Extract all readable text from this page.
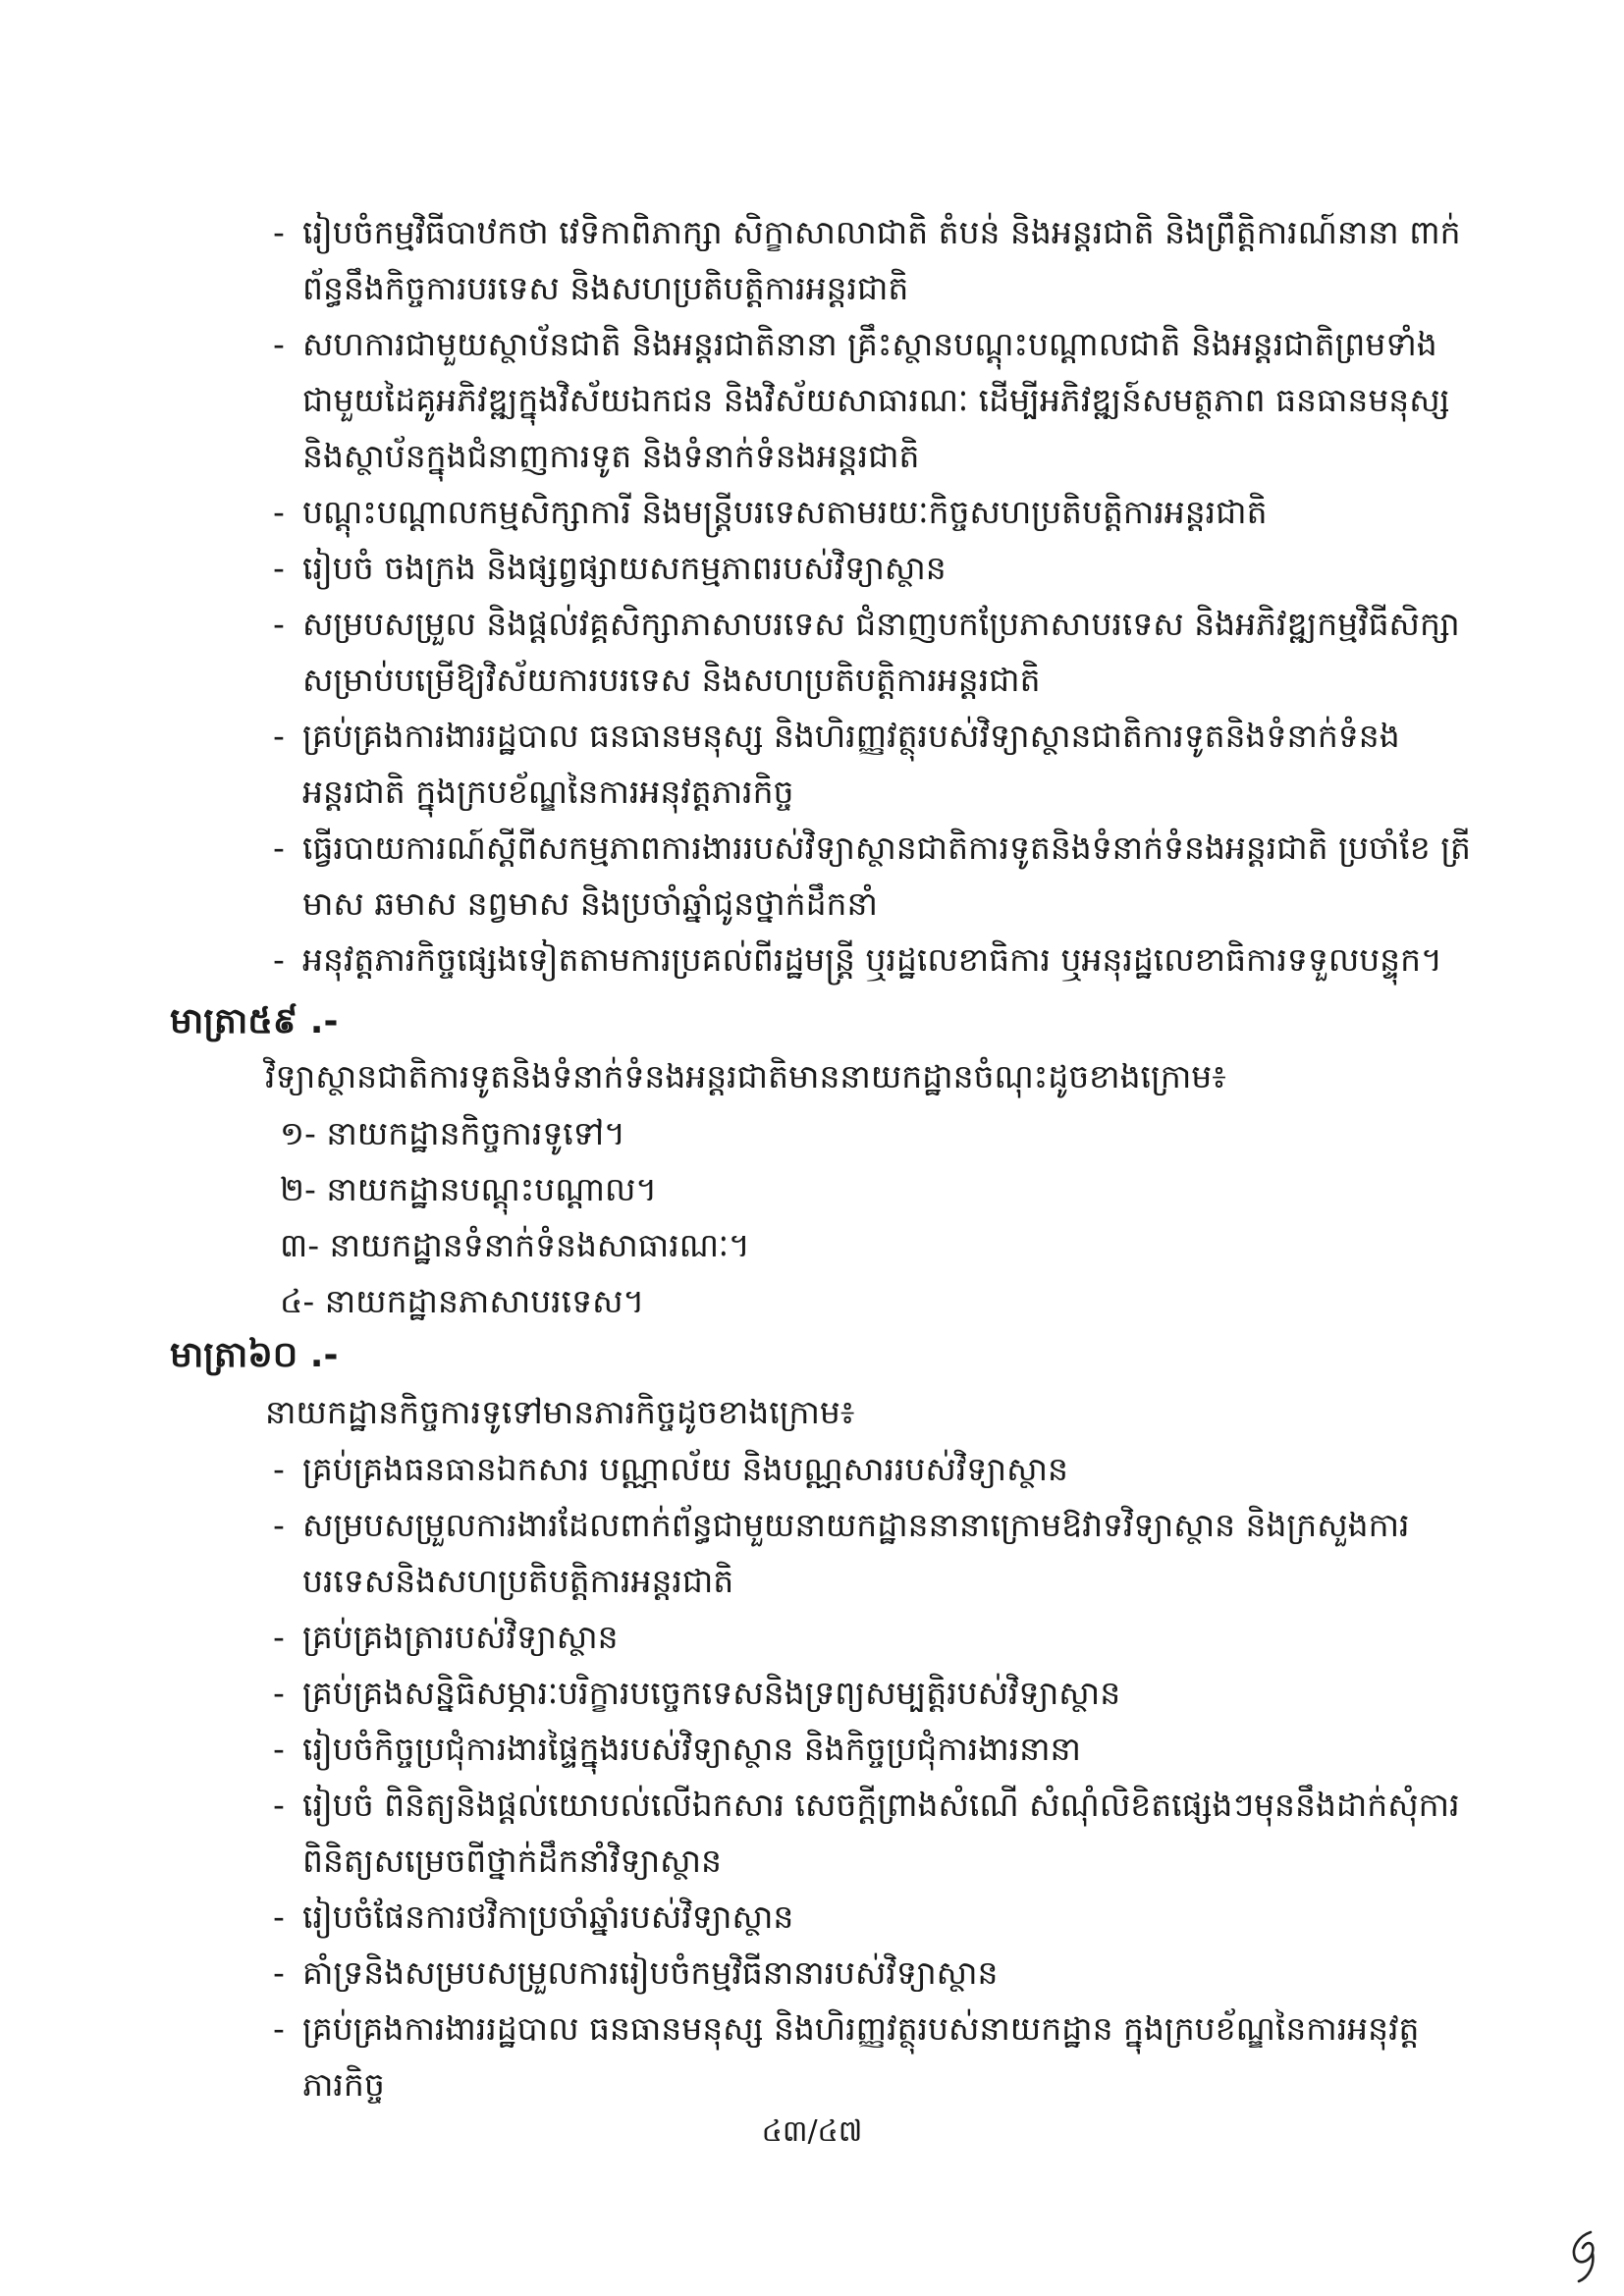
- រៀបចំកម្មវិធីបាឋកថា វេទិកាពិភាក្សា សិក្ខាសាលាជាតិ តំបន់ និងអន្តរជាតិ និងព្រឹត្តិការណ៍នានា ពាក់ព័ន្ធនឹងកិច្ចការបរទេស និងសហប្រតិបត្តិការអន្តរជាតិ
- សហការជាមួយស្ថាប័នជាតិ និងអន្តរជាតិនានា គ្រឹះស្ថានបណ្តុះបណ្តាលជាតិ និងអន្តរជាតិព្រមទាំងជាមួយដៃគូអភិវឌ្ឍក្នុងវិស័យឯកជន និងវិស័យសាធារណៈ ដើម្បីអភិវឌ្ឍន៍សមត្ថភាព ធនធានមនុស្ស និងស្ថាប័នក្នុងជំនាញការទូត និងទំនាក់ទំនងអន្តរជាតិ
- បណ្តុះបណ្តាលកម្មសិក្សាការី និងមន្ត្រីបរទេសតាមរយៈកិច្ចសហប្រតិបត្តិការអន្តរជាតិ
- រៀបចំ ចងក្រង និងផ្សព្វផ្សាយសកម្មភាពរបស់វិទ្យាស្ថាន
- សម្របសម្រួល និងផ្តល់វគ្គសិក្សាភាសាបរទេស ជំនាញបកប្រែភាសាបរទេស និងអភិវឌ្ឍកម្មវិធីសិក្សា សម្រាប់បម្រើឱ្យវិស័យការបរទេស និងសហប្រតិបត្តិការអន្តរជាតិ
- គ្រប់គ្រងការងាររដ្ឋបាល ធនធានមនុស្ស និងហិរញ្ញវត្ថុរបស់វិទ្យាស្ថានជាតិការទូតនិងទំនាក់ទំនងអន្តរជាតិ ក្នុងក្របខ័ណ្ឌនៃការអនុវត្តភារកិច្ច
- ធ្វើរបាយការណ៍ស្តីពីសកម្មភាពការងាររបស់វិទ្យាស្ថានជាតិការទូតនិងទំនាក់ទំនងអន្តរជាតិ ប្រចាំខែ ត្រីមាស ឆមាស នព្វមាស និងប្រចាំឆ្នាំជូនថ្នាក់ដឹកនាំ
- អនុវត្តភារកិច្ចផ្សេងទៀតតាមការប្រគល់ពីរដ្ឋមន្ត្រី ឬរដ្ឋលេខាធិការ ឬអនុរដ្ឋលេខាធិការទទួលបន្ទុក។
មាត្រា៥៩ .-
វិទ្យាស្ថានជាតិការទូតនិងទំនាក់ទំនងអន្តរជាតិមាននាយកដ្ឋានចំណុះដូចខាងក្រោម៖
១- នាយកដ្ឋានកិច្ចការទូទៅ។
២- នាយកដ្ឋានបណ្តុះបណ្តាល។
៣- នាយកដ្ឋានទំនាក់ទំនងសាធារណៈ។
៤- នាយកដ្ឋានភាសាបរទេស។
មាត្រា៦០ .-
នាយកដ្ឋានកិច្ចការទូទៅមានភារកិច្ចដូចខាងក្រោម៖
- គ្រប់គ្រងធនធានឯកសារ បណ្ណាល័យ និងបណ្ណសាររបស់វិទ្យាស្ថាន
- សម្របសម្រួលការងារដែលពាក់ព័ន្ធជាមួយនាយកដ្ឋាននានាក្រោមឱវាទវិទ្យាស្ថាន និងក្រសួងការបរទេសនិងសហប្រតិបត្តិការអន្តរជាតិ
- គ្រប់គ្រងត្រារបស់វិទ្យាស្ថាន
- គ្រប់គ្រងសន្និធិសម្ភារៈបរិក្ខារបច្ចេកទេសនិងទ្រព្យសម្បត្តិរបស់វិទ្យាស្ថាន
- រៀបចំកិច្ចប្រជុំការងារផ្ទៃក្នុងរបស់វិទ្យាស្ថាន និងកិច្ចប្រជុំការងារនានា
- រៀបចំ ពិនិត្យនិងផ្តល់យោបល់លើឯកសារ សេចក្តីព្រាងសំណើ សំណុំលិខិតផ្សេងៗមុននឹងដាក់សុំការពិនិត្យសម្រេចពីថ្នាក់ដឹកនាំវិទ្យាស្ថាន
- រៀបចំផែនការថវិកាប្រចាំឆ្នាំរបស់វិទ្យាស្ថាន
- គាំទ្រនិងសម្របសម្រួលការរៀបចំកម្មវិធីនានារបស់វិទ្យាស្ថាន
- គ្រប់គ្រងការងាររដ្ឋបាល ធនធានមនុស្ស និងហិរញ្ញវត្ថុរបស់នាយកដ្ឋាន ក្នុងក្របខ័ណ្ឌនៃការអនុវត្តភារកិច្ច
៤៣/៤៧
